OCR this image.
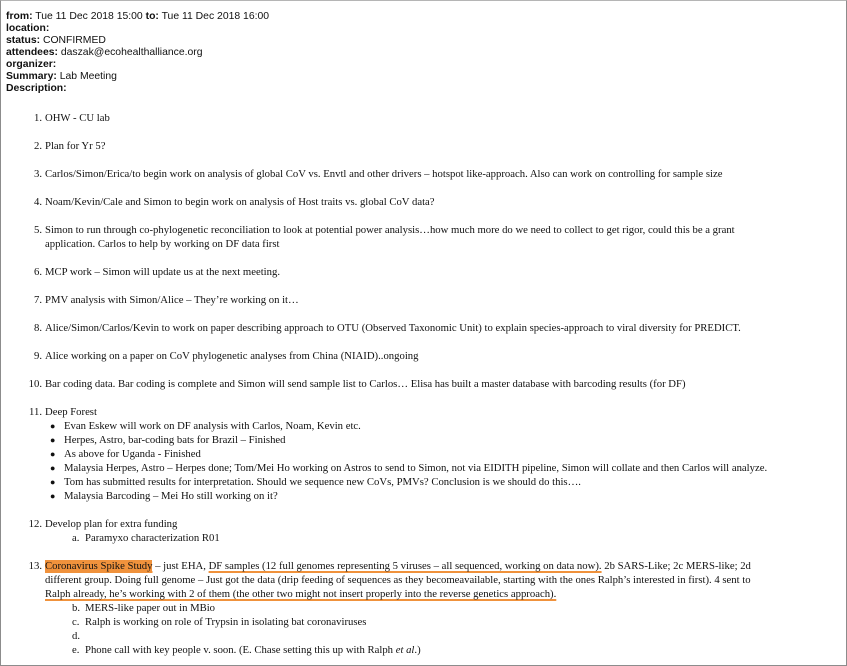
from: Tue 11 Dec 2018 15:00 to: Tue 11 Dec 2018 16:00
location:
status: CONFIRMED
attendees: daszak@ecohealthalliance.org
organizer:
Summary: Lab Meeting
Description:
1. OHW - CU lab
2. Plan for Yr 5?
3. Carlos/Simon/Erica/to begin work on analysis of global CoV vs. Envtl and other drivers – hotspot like-approach. Also can work on controlling for sample size
4. Noam/Kevin/Cale and Simon to begin work on analysis of Host traits vs. global CoV data?
5. Simon to run through co-phylogenetic reconciliation to look at potential power analysis…how much more do we need to collect to get rigor, could this be a grant
application. Carlos to help by working on DF data first
6. MCP work – Simon will update us at the next meeting.
7. PMV analysis with Simon/Alice – They’re working on it…
8. Alice/Simon/Carlos/Kevin to work on paper describing approach to OTU (Observed Taxonomic Unit) to explain species-approach to viral diversity for PREDICT.
9. Alice working on a paper on CoV phylogenetic analyses from China (NIAID)..ongoing
10. Bar coding data. Bar coding is complete and Simon will send sample list to Carlos… Elisa has built a master database with barcoding results (for DF)
11. Deep Forest
● Evan Eskew will work on DF analysis with Carlos, Noam, Kevin etc.
● Herpes, Astro, bar-coding bats for Brazil – Finished
● As above for Uganda - Finished
● Malaysia Herpes, Astro – Herpes done; Tom/Mei Ho working on Astros to send to Simon, not via EIDITH pipeline, Simon will collate and then Carlos will analyze.
● Tom has submitted results for interpretation. Should we sequence new CoVs, PMVs? Conclusion is we should do this….
● Malaysia Barcoding – Mei Ho still working on it?
12. Develop plan for extra funding
a. Paramyxo characterization R01
13. Coronavirus Spike Study – just EHA, DF samples (12 full genomes representing 5 viruses – all sequenced, working on data now). 2b SARS-Like; 2c MERS-like; 2d
different group. Doing full genome – Just got the data (drip feeding of sequences as they becomeavailable, starting with the ones Ralph’s interested in first). 4 sent to
Ralph already, he’s working with 2 of them (the other two might not insert properly into the reverse genetics approach).
b. MERS-like paper out in MBio
c. Ralph is working on role of Trypsin in isolating bat coronaviruses
d.
e. Phone call with key people v. soon. (E. Chase setting this up with Ralph et al.)
